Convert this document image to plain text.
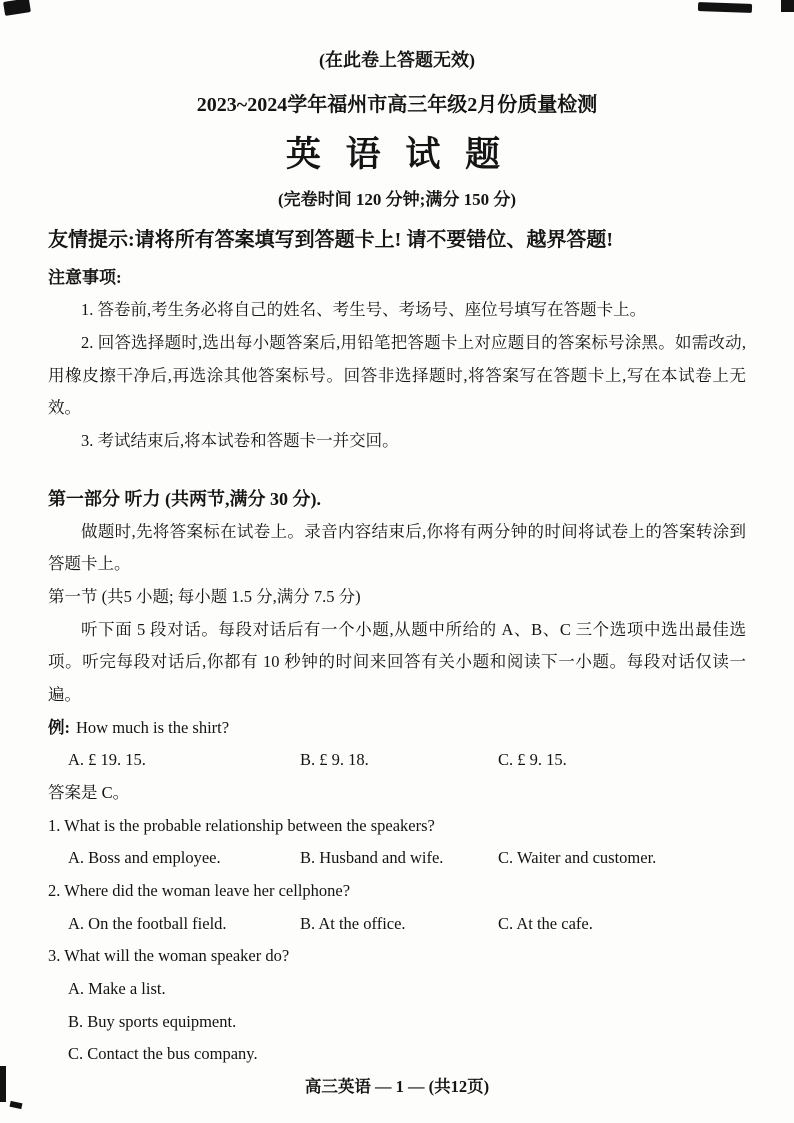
(在此卷上答题无效)

2023~2024学年福州市高三年级2月份质量检测

英 语 试 题

(完卷时间 120 分钟;满分 150 分)

友情提示:请将所有答案填写到答题卡上! 请不要错位、越界答题!

注意事项:

1. 答卷前,考生务必将自己的姓名、考生号、考场号、座位号填写在答题卡上。

2. 回答选择题时,选出每小题答案后,用铅笔把答题卡上对应题目的答案标号涂黑。如需改动,用橡皮擦干净后,再选涂其他答案标号。回答非选择题时,将答案写在答题卡上,写在本试卷上无效。

3. 考试结束后,将本试卷和答题卡一并交回。

第一部分 听力 (共两节,满分 30 分).

做题时,先将答案标在试卷上。录音内容结束后,你将有两分钟的时间将试卷上的答案转涂到答题卡上。

第一节 (共5 小题; 每小题 1.5 分,满分 7.5 分)

听下面 5 段对话。每段对话后有一个小题,从题中所给的 A、B、C 三个选项中选出最佳选项。听完每段对话后,你都有 10 秒钟的时间来回答有关小题和阅读下一小题。每段对话仅读一遍。

例: How much is the shirt?

A. £ 19. 15.	B. £ 9. 18.	C. £ 9. 15.

答案是 C。

1. What is the probable relationship between the speakers?

A. Boss and employee.	B. Husband and wife.	C. Waiter and customer.

2. Where did the woman leave her cellphone?

A. On the football field.	B. At the office.	C. At the cafe.

3. What will the woman speaker do?

A. Make a list.

B. Buy sports equipment.

C. Contact the bus company.

高三英语 — 1 — (共12页)
